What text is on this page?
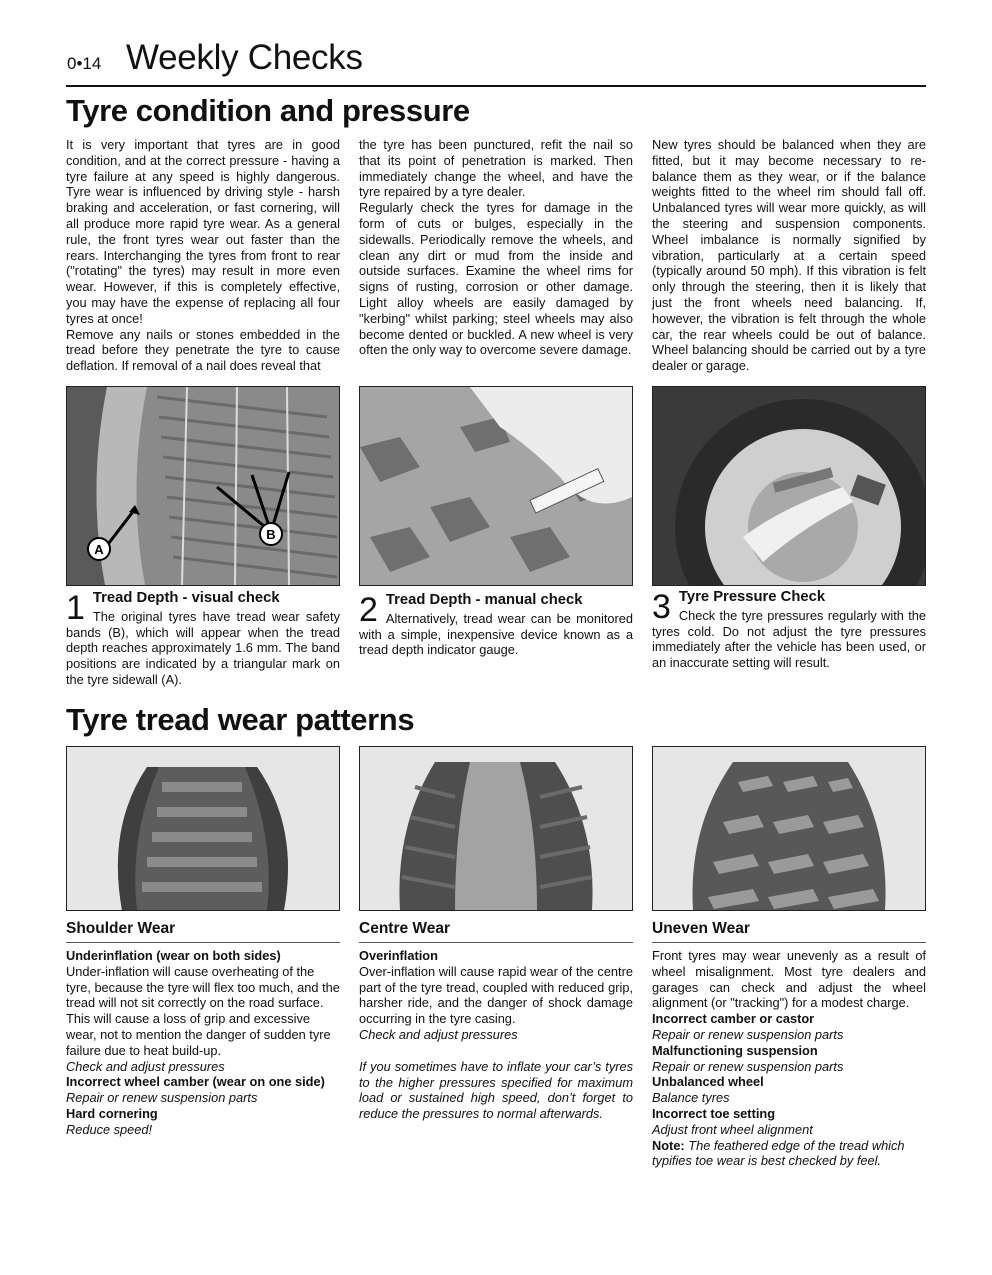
0•14 Weekly Checks
Tyre condition and pressure

It is very important that tyres are in good condition, and at the correct pressure - having a tyre failure at any speed is highly dangerous. Tyre wear is influenced by driving style - harsh braking and acceleration, or fast cornering, will all produce more rapid tyre wear. As a general rule, the front tyres wear out faster than the rears. Interchanging the tyres from front to rear ("rotating" the tyres) may result in more even wear. However, if this is completely effective, you may have the expense of replacing all four tyres at once!

Remove any nails or stones embedded in the tread before they penetrate the tyre to cause deflation. If removal of a nail does reveal that

the tyre has been punctured, refit the nail so that its point of penetration is marked. Then immediately change the wheel, and have the tyre repaired by a tyre dealer.

Regularly check the tyres for damage in the form of cuts or bulges, especially in the sidewalls. Periodically remove the wheels, and clean any dirt or mud from the inside and outside surfaces. Examine the wheel rims for signs of rusting, corrosion or other damage. Light alloy wheels are easily damaged by "kerbing" whilst parking; steel wheels may also become dented or buckled. A new wheel is very often the only way to overcome severe damage.

New tyres should be balanced when they are fitted, but it may become necessary to re-balance them as they wear, or if the balance weights fitted to the wheel rim should fall off. Unbalanced tyres will wear more quickly, as will the steering and suspension components. Wheel imbalance is normally signified by vibration, particularly at a certain speed (typically around 50 mph). If this vibration is felt only through the steering, then it is likely that just the front wheels need balancing. If, however, the vibration is felt through the whole car, the rear wheels could be out of balance. Wheel balancing should be carried out by a tyre dealer or garage.

A
B
1 Tread Depth - visual check
The original tyres have tread wear safety bands (B), which will appear when the tread depth reaches approximately 1.6 mm. The band positions are indicated by a triangular mark on the tyre sidewall (A).
2 Tread Depth - manual check
Alternatively, tread wear can be monitored with a simple, inexpensive device known as a tread depth indicator gauge.
3 Tyre Pressure Check
Check the tyre pressures regularly with the tyres cold. Do not adjust the tyre pressures immediately after the vehicle has been used, or an inaccurate setting will result.
Tyre tread wear patterns
Shoulder Wear	Centre Wear	Uneven Wear

Underinflation (wear on both sides)

Under-inflation will cause overheating of the tyre, because the tyre will flex too much, and the tread will not sit correctly on the road surface. This will cause a loss of grip and excessive wear, not to mention the danger of sudden tyre failure due to heat build-up.

Check and adjust pressures

Incorrect wheel camber (wear on one side)

Repair or renew suspension parts

Hard cornering

Reduce speed!

Overinflation

Over-inflation will cause rapid wear of the centre part of the tyre tread, coupled with reduced grip, harsher ride, and the danger of shock damage occurring in the tyre casing.

Check and adjust pressures

If you sometimes have to inflate your car’s tyres to the higher pressures specified for maximum load or sustained high speed, don’t forget to reduce the pressures to normal afterwards.

Front tyres may wear unevenly as a result of wheel misalignment. Most tyre dealers and garages can check and adjust the wheel alignment (or "tracking") for a modest charge.

Incorrect camber or castor

Repair or renew suspension parts

Malfunctioning suspension

Repair or renew suspension parts

Unbalanced wheel

Balance tyres

Incorrect toe setting

Adjust front wheel alignment

Note: The feathered edge of the tread which typifies toe wear is best checked by feel.
